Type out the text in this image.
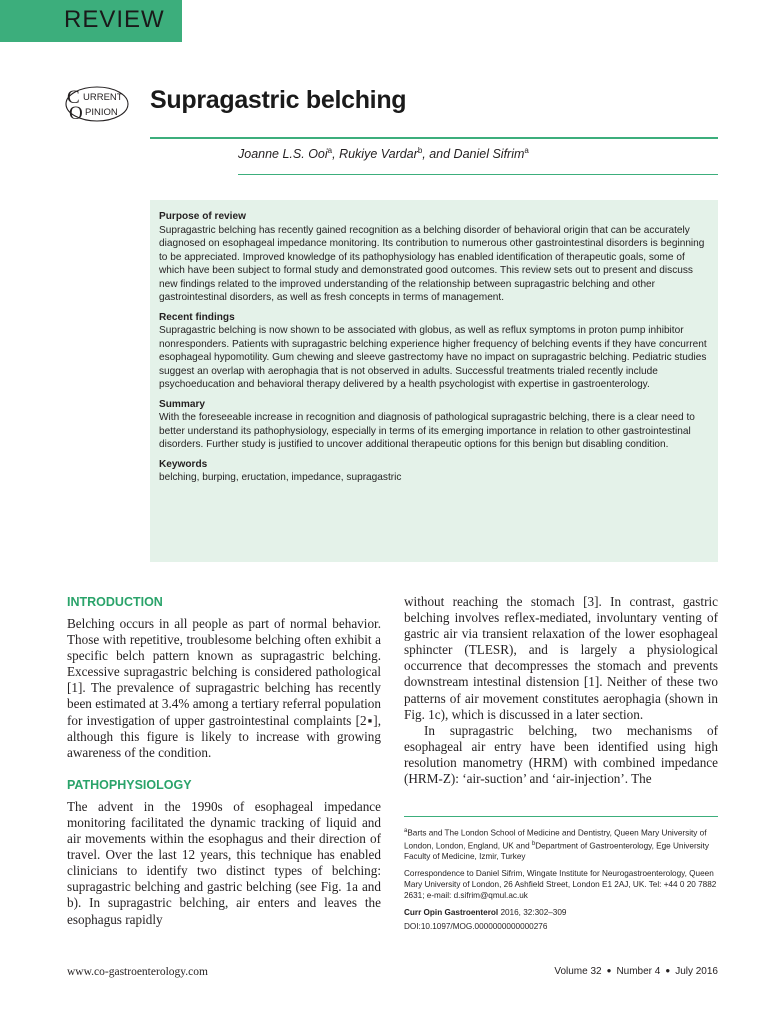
REVIEW
C URRENT
O PINION Supragastric belching
Joanne L.S. Ooi$^a$, Rukiye Vardar$^b$, and Daniel Sifrim$^a$
Purpose of review

Supragastric belching has recently gained recognition as a belching disorder of behavioral origin that can be accurately diagnosed on esophageal impedance monitoring. Its contribution to numerous other gastrointestinal disorders is beginning to be appreciated. Improved knowledge of its pathophysiology has enabled identification of therapeutic goals, some of which have been subject to formal study and demonstrated good outcomes. This review sets out to present and discuss new findings related to the improved understanding of the relationship between supragastric belching and other gastrointestinal disorders, as well as fresh concepts in terms of management.

Recent findings

Supragastric belching is now shown to be associated with globus, as well as reflux symptoms in proton pump inhibitor nonresponders. Patients with supragastric belching experience higher frequency of belching events if they have concurrent esophageal hypomotility. Gum chewing and sleeve gastrectomy have no impact on supragastric belching. Pediatric studies suggest an overlap with aerophagia that is not observed in adults. Successful treatments trialed recently include psychoeducation and behavioral therapy delivered by a health psychologist with expertise in gastroenterology.

Summary

With the foreseeable increase in recognition and diagnosis of pathological supragastric belching, there is a clear need to better understand its pathophysiology, especially in terms of its emerging importance in relation to other gastrointestinal disorders. Further study is justified to uncover additional therapeutic options for this benign but disabling condition.

Keywords

belching, burping, eructation, impedance, supragastric

INTRODUCTION

Belching occurs in all people as part of normal behavior. Those with repetitive, troublesome belching often exhibit a specific belch pattern known as supragastric belching. Excessive supragastric belching is considered pathological [1]. The prevalence of supragastric belching has recently been estimated at 3.4% among a tertiary referral population for investigation of upper gastrointestinal complaints [2▪], although this figure is likely to increase with growing awareness of the condition.

PATHOPHYSIOLOGY

The advent in the 1990s of esophageal impedance monitoring facilitated the dynamic tracking of liquid and air movements within the esophagus and their direction of travel. Over the last 12 years, this technique has enabled clinicians to identify two distinct types of belching: supragastric belching and gastric belching (see Fig. 1a and b). In supragastric belching, air enters and leaves the esophagus rapidly

without reaching the stomach [3]. In contrast, gastric belching involves reflex-mediated, involuntary venting of gastric air via transient relaxation of the lower esophageal sphincter (TLESR), and is largely a physiological occurrence that decompresses the stomach and prevents downstream intestinal distension [1]. Neither of these two patterns of air movement constitutes aerophagia (shown in Fig. 1c), which is discussed in a later section.

In supragastric belching, two mechanisms of esophageal air entry have been identified using high resolution manometry (HRM) with combined impedance (HRM-Z): ‘air-suction’ and ‘air-injection’. The

$^a$Barts and The London School of Medicine and Dentistry, Queen Mary University of London, London, England, UK and $^b$Department of Gastroenterology, Ege University Faculty of Medicine, Izmir, Turkey

Correspondence to Daniel Sifrim, Wingate Institute for Neurogastroenterology, Queen Mary University of London, 26 Ashfield Street, London E1 2AJ, UK. Tel: +44 0 20 7882 2631; e-mail: d.sifrim@qmul.ac.uk

Curr Opin Gastroenterol 2016, 32:302–309

DOI:10.1097/MOG.0000000000000276

www.co-gastroenterology.com	Volume 32 ● Number 4 ● July 2016
